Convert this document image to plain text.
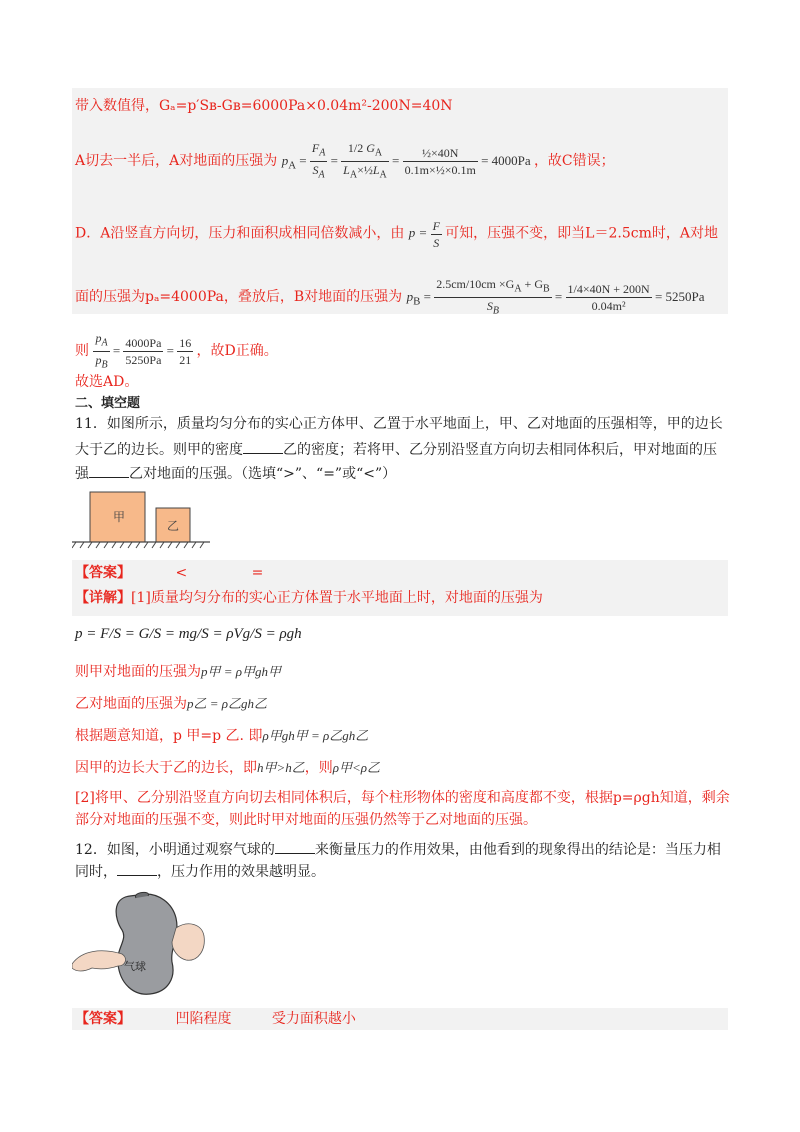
带入数值得，Gₐ=p′Sʙ-Gʙ=6000Pa×0.04m²-200N=40N
A切去一半后，A对地面的压强为 $p_A = \frac{F_A}{S_A} = \frac{1/2 G_A}{L_A\times\frac{1}{2}L_A} = \frac{\text{½×40N}}{\text{0.1m×½×0.1m}} = 4000Pa$ ，故C错误；
D．A沿竖直方向切，压力和面积成相同倍数减小，由 $p = \frac{F}{S}$ 可知，压强不变，即当L＝2.5cm时，A对地
面的压强为pₐ=4000Pa，叠放后，B对地面的压强为 $p_B = \frac{2.5cm/10cm \times G_A + G_B}{S_B} = \frac{1/4\times 40N + 200N}{\text{0.04m²}} = 5250Pa$
则 $\frac{p_A}{p_B} = \frac{4000Pa}{5250Pa} = \frac{16}{21}$ ，故D正确。
故选AD。
二、填空题
11．如图所示，质量均匀分布的实心正方体甲、乙置于水平地面上，甲、乙对地面的压强相等，甲的边长
大于乙的边长。则甲的密度	乙的密度；若将甲、乙分别沿竖直方向切去相同体积后，甲对地面的压
强	乙对地面的压强。（选填“>”、“=”或“<”）
甲
乙
【答案】	<	=
【详解】[1]质量均匀分布的实心正方体置于水平地面上时，对地面的压强为
p = F/S = G/S = mg/S = ρVg/S = ρgh
则甲对地面的压强为p甲 = ρ甲gh甲
乙对地面的压强为p乙 = ρ乙gh乙
根据题意知道，p 甲=p 乙. 即ρ甲gh甲 = ρ乙gh乙
因甲的边长大于乙的边长，即h甲>h乙，则ρ甲<ρ乙
[2]将甲、乙分别沿竖直方向切去相同体积后，每个柱形物体的密度和高度都不变，根据p=ρgh知道，剩余
部分对地面的压强不变，则此时甲对地面的压强仍然等于乙对地面的压强。
12．如图，小明通过观察气球的	来衡量压力的作用效果，由他看到的现象得出的结论是：当压力相
同时，	，压力作用的效果越明显。
气球
【答案】	凹陷程度	受力面积越小
